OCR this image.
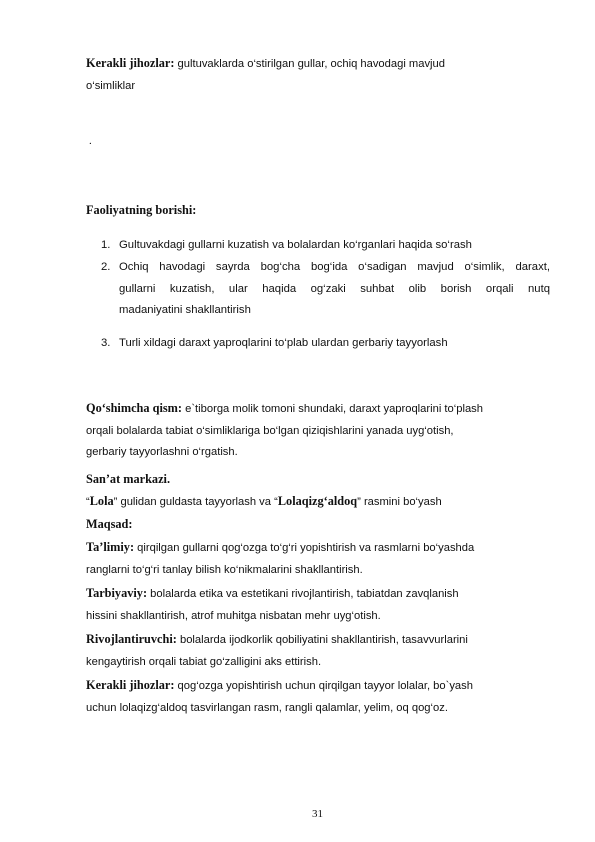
Kerakli jihozlar: gultuvaklarda o‘stirilgan gullar, ochiq havodagi mavjud
o‘simliklar
.
Faoliyatning borishi:
1. Gultuvakdagi gullarni kuzatish va bolalardan ko‘rganlari haqida so‘rash
2. Ochiq havodagi sayrda bog‘cha bog‘ida o‘sadigan mavjud o‘simlik, daraxt,
gullarni kuzatish, ular haqida og‘zaki suhbat olib borish orqali nutq
madaniyatini shakllantirish
3. Turli xildagi daraxt yaproqlarini to‘plab ulardan gerbariy tayyorlash
Qo‘shimcha qism: e`tiborga molik tomoni shundaki, daraxt yaproqlarini to‘plash
orqali bolalarda tabiat o‘simliklariga bo‘lgan qiziqishlarini yanada uyg‘otish,
gerbariy tayyorlashni o‘rgatish.
San’at markazi.
“Lola” gulidan guldasta tayyorlash va “Lolaqizg‘aldoq” rasmini bo‘yash
Maqsad:
Ta’limiy: qirqilgan gullarni qog‘ozga to‘g‘ri yopishtirish va rasmlarni bo‘yashda
ranglarni to‘g‘ri tanlay bilish ko‘nikmalarini shakllantirish.
Tarbiyaviy: bolalarda etika va estetikani rivojlantirish, tabiatdan zavqlanish
hissini shakllantirish, atrof muhitga nisbatan mehr uyg‘otish.
Rivojlantiruvchi: bolalarda ijodkorlik qobiliyatini shakllantirish, tasavvurlarini
kengaytirish orqali tabiat go‘zalligini aks ettirish.
Kerakli jihozlar: qog‘ozga yopishtirish uchun qirqilgan tayyor lolalar, bo`yash
uchun lolaqizg‘aldoq tasvirlangan rasm, rangli qalamlar, yelim, oq qog‘oz.
31
